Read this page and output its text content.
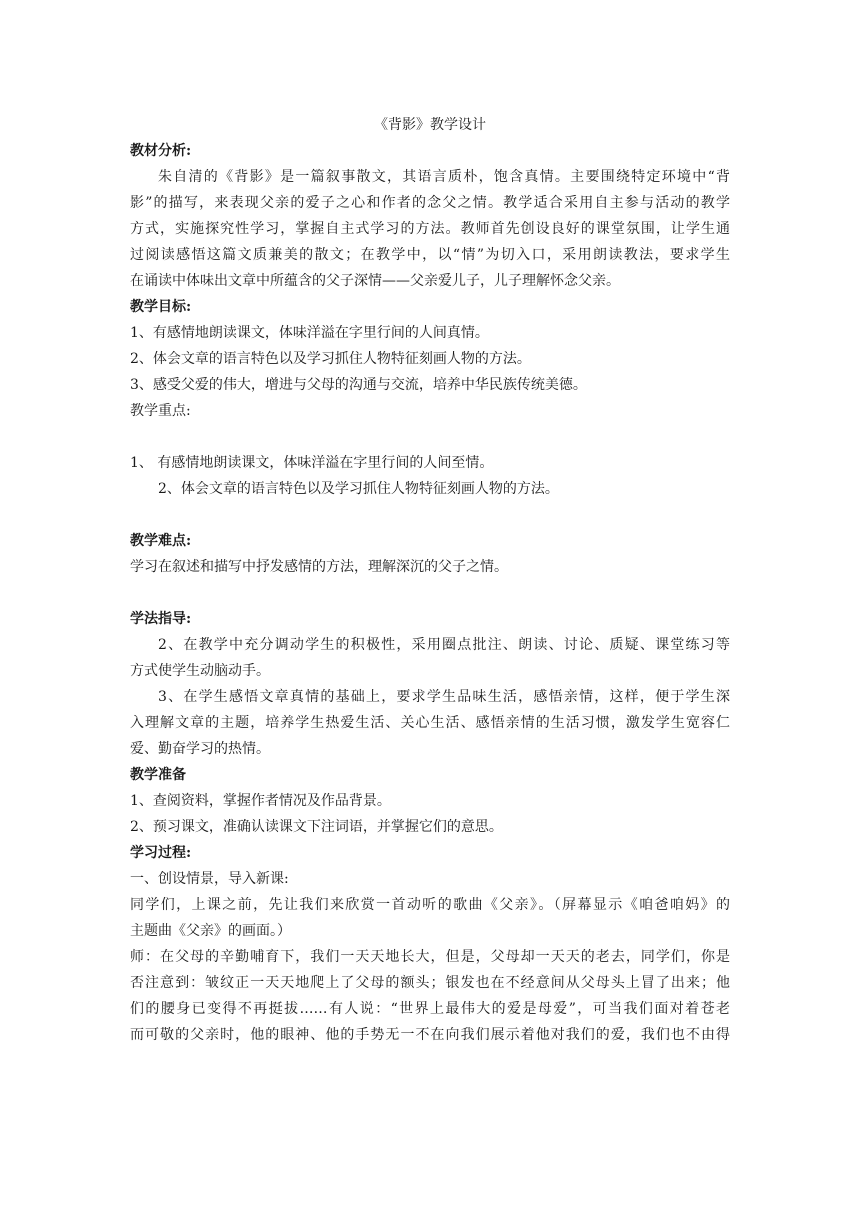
《背影》教学设计

教材分析:

朱自清的《背影》是一篇叙事散文，其语言质朴，饱含真情。主要围绕特定环境中“背

影”的描写，来表现父亲的爱子之心和作者的念父之情。教学适合采用自主参与活动的教学

方式，实施探究性学习，掌握自主式学习的方法。教师首先创设良好的课堂氛围，让学生通

过阅读感悟这篇文质兼美的散文；在教学中，以“情”为切入口，采用朗读教法，要求学生

在诵读中体味出文章中所蕴含的父子深情——父亲爱儿子，儿子理解怀念父亲。

教学目标:

1、有感情地朗读课文，体味洋溢在字里行间的人间真情。

2、体会文章的语言特色以及学习抓住人物特征刻画人物的方法。

3、感受父爱的伟大，增进与父母的沟通与交流，培养中华民族传统美德。

教学重点:

1、 有感情地朗读课文，体味洋溢在字里行间的人间至情。

2、体会文章的语言特色以及学习抓住人物特征刻画人物的方法。

教学难点:

学习在叙述和描写中抒发感情的方法，理解深沉的父子之情。

学法指导:

2、在教学中充分调动学生的积极性，采用圈点批注、朗读、讨论、质疑、课堂练习等

方式使学生动脑动手。

3、在学生感悟文章真情的基础上，要求学生品味生活，感悟亲情，这样，便于学生深

入理解文章的主题，培养学生热爱生活、关心生活、感悟亲情的生活习惯，激发学生宽容仁

爱、勤奋学习的热情。

教学准备

1、查阅资料，掌握作者情况及作品背景。

2、预习课文，准确认读课文下注词语，并掌握它们的意思。

学习过程:

一、创设情景，导入新课:

同学们，上课之前，先让我们来欣赏一首动听的歌曲《父亲》。（屏幕显示《咱爸咱妈》的

主题曲《父亲》的画面。）

师：在父母的辛勤哺育下，我们一天天地长大，但是，父母却一天天的老去，同学们，你是

否注意到：皱纹正一天天地爬上了父母的额头；银发也在不经意间从父母头上冒了出来；他

们的腰身已变得不再挺拔……有人说：“世界上最伟大的爱是母爱”，可当我们面对着苍老

而可敬的父亲时，他的眼神、他的手势无一不在向我们展示着他对我们的爱，我们也不由得
